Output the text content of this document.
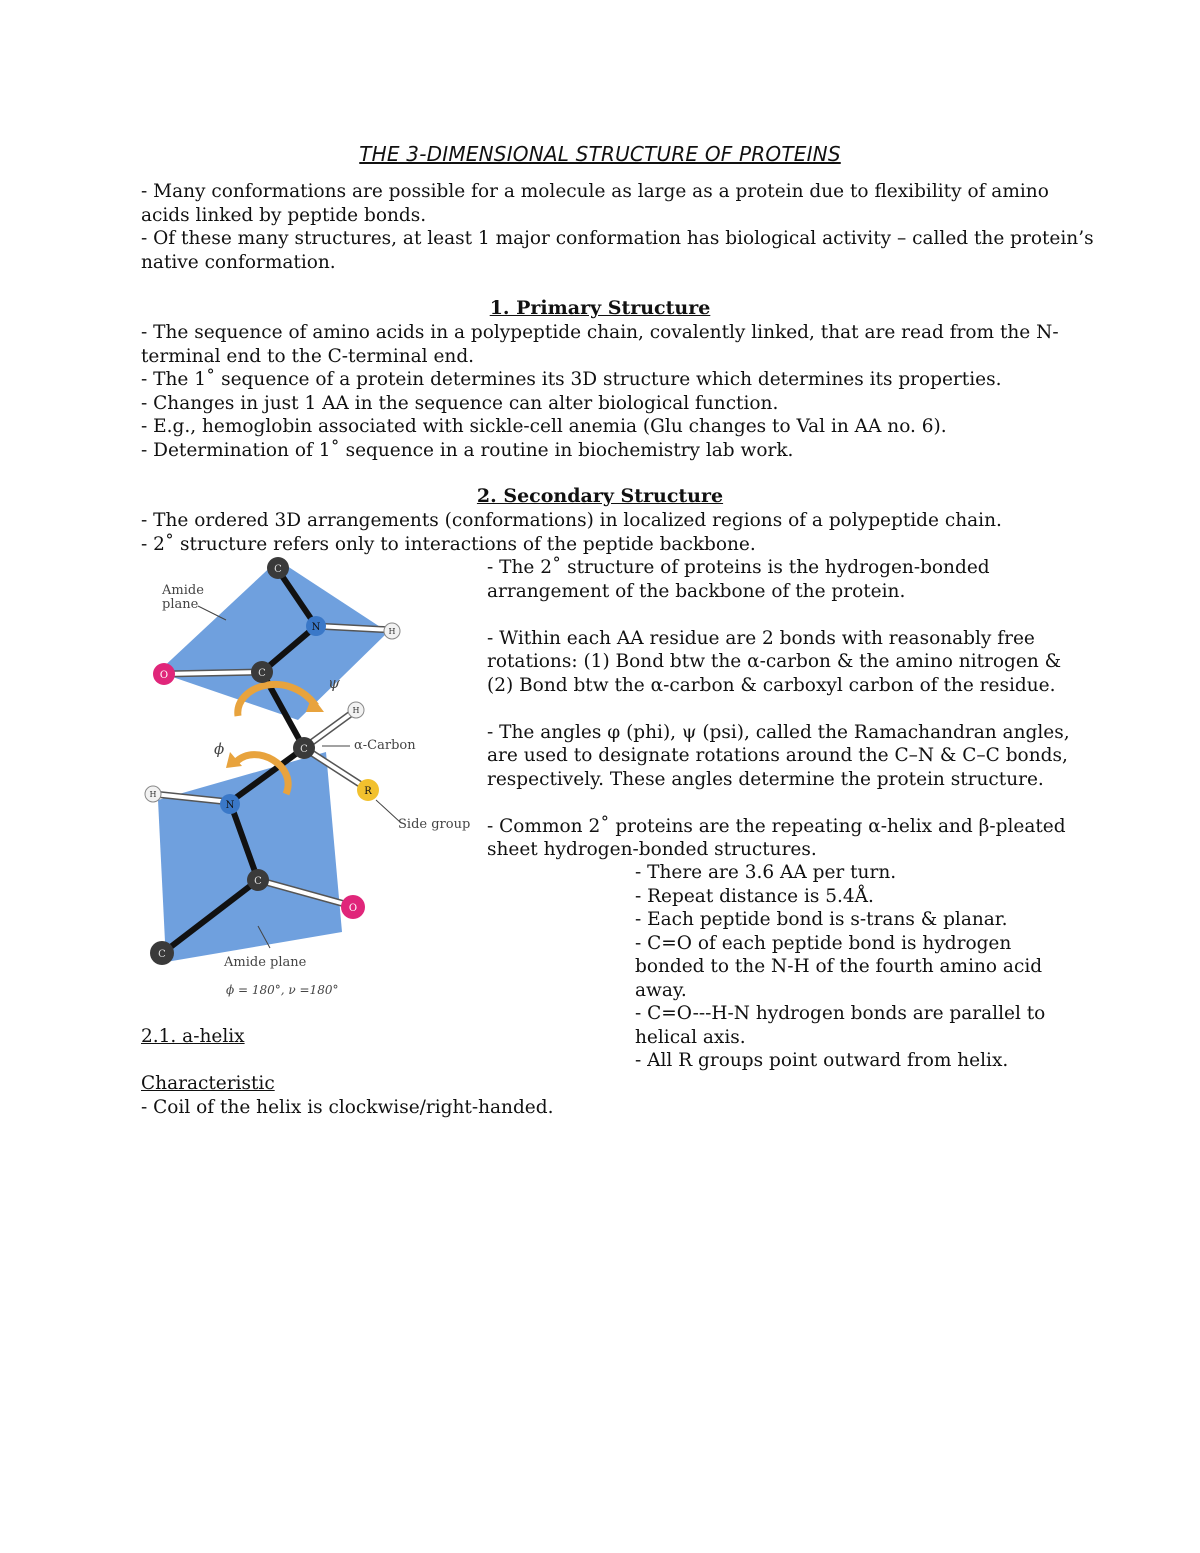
THE 3-DIMENSIONAL STRUCTURE OF PROTEINS
- Many conformations are possible for a molecule as large as a protein due to flexibility of amino
acids linked by peptide bonds.
- Of these many structures, at least 1 major conformation has biological activity – called the protein’s
native conformation.
1. Primary Structure
- The sequence of amino acids in a polypeptide chain, covalently linked, that are read from the N-
terminal end to the C-terminal end.
- The 1˚ sequence of a protein determines its 3D structure which determines its properties.
- Changes in just 1 AA in the sequence can alter biological function.
- E.g., hemoglobin associated with sickle-cell anemia (Glu changes to Val in AA no. 6).
- Determination of 1˚ sequence in a routine in biochemistry lab work.
2. Secondary Structure
- The ordered 3D arrangements (conformations) in localized regions of a polypeptide chain.
- 2˚ structure refers only to interactions of the peptide backbone.
- The 2˚ structure of proteins is the hydrogen-bonded
arrangement of the backbone of the protein.
- Within each AA residue are 2 bonds with reasonably free
rotations: (1) Bond btw the α-carbon & the amino nitrogen &
(2) Bond btw the α-carbon & carboxyl carbon of the residue.
- The angles φ (phi), ψ (psi), called the Ramachandran angles,
are used to designate rotations around the C–N & C–C bonds,
respectively. These angles determine the protein structure.
- Common 2˚ proteins are the repeating α-helix and β-pleated
sheet hydrogen-bonded structures.
- There are 3.6 AA per turn.
- Repeat distance is 5.4Å.
- Each peptide bond is s-trans & planar.
- C=O of each peptide bond is hydrogen
bonded to the N-H of the fourth amino acid
away.
- C=O---H-N hydrogen bonds are parallel to
helical axis.
- All R groups point outward from helix.
C
N	H
O	C
H
C
R
H
N
C
O
C
Amide
plane
ψ
ϕ	α-Carbon
Side group
Amide plane
ϕ = 180°, ν =180°
2.1. a-helix
Characteristic
- Coil of the helix is clockwise/right-handed.
